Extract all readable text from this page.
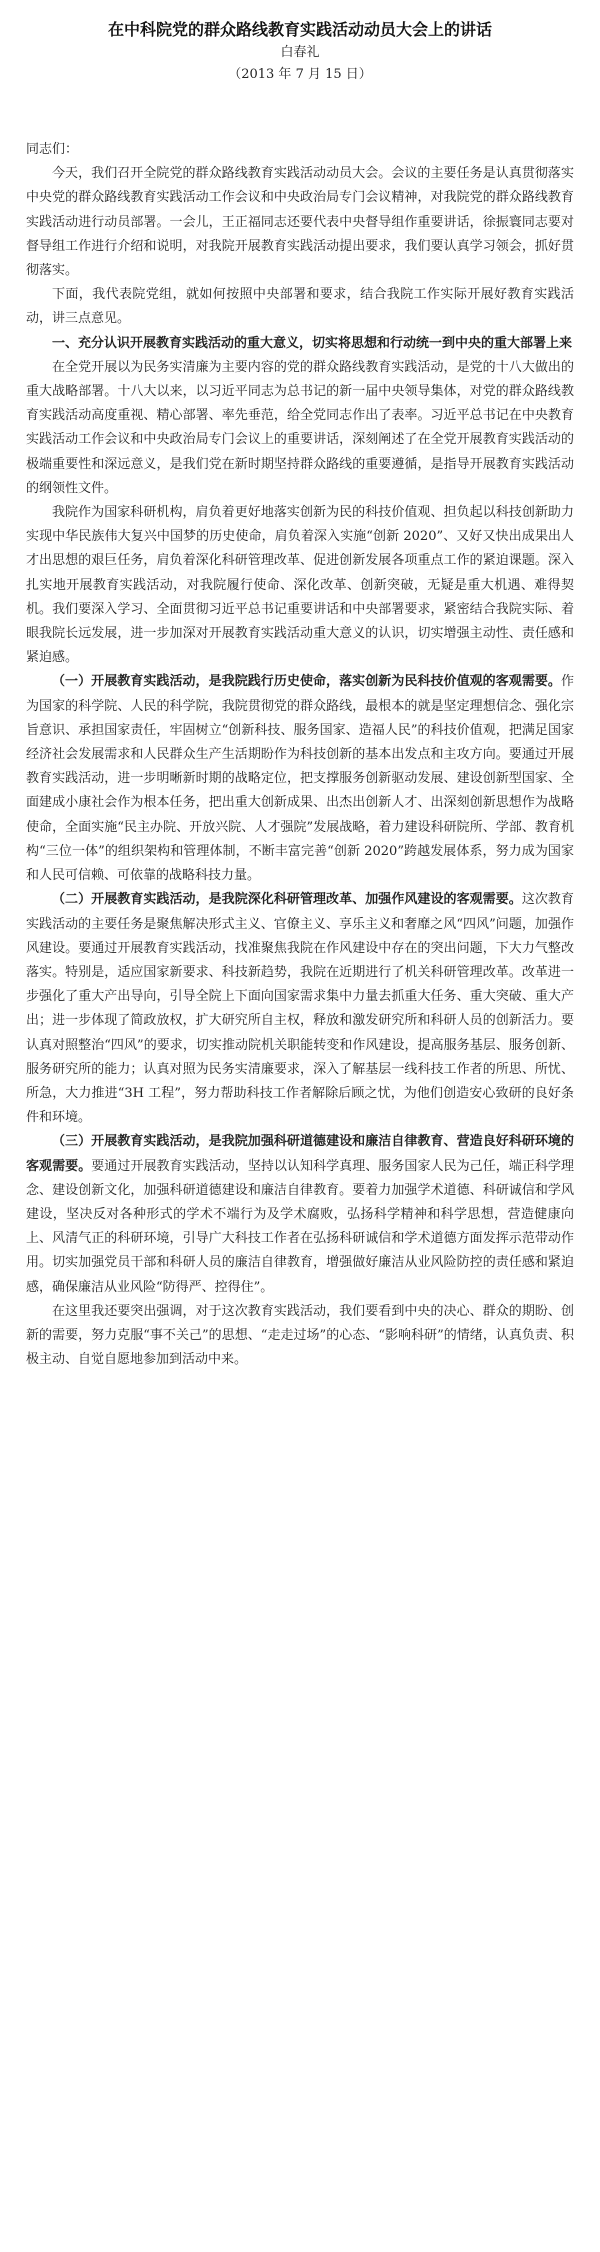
在中科院党的群众路线教育实践活动动员大会上的讲话
白春礼
（2013 年 7 月 15 日）

同志们：

今天，我们召开全院党的群众路线教育实践活动动员大会。会议的主要任务是认真贯彻落实中央党的群众路线教育实践活动工作会议和中央政治局专门会议精神，对我院党的群众路线教育实践活动进行动员部署。一会儿，王正福同志还要代表中央督导组作重要讲话，徐振寰同志要对督导组工作进行介绍和说明，对我院开展教育实践活动提出要求，我们要认真学习领会，抓好贯彻落实。

下面，我代表院党组，就如何按照中央部署和要求，结合我院工作实际开展好教育实践活动，讲三点意见。

一、充分认识开展教育实践活动的重大意义，切实将思想和行动统一到中央的重大部署上来

在全党开展以为民务实清廉为主要内容的党的群众路线教育实践活动，是党的十八大做出的重大战略部署。十八大以来，以习近平同志为总书记的新一届中央领导集体，对党的群众路线教育实践活动高度重视、精心部署、率先垂范，给全党同志作出了表率。习近平总书记在中央教育实践活动工作会议和中央政治局专门会议上的重要讲话，深刻阐述了在全党开展教育实践活动的极端重要性和深远意义，是我们党在新时期坚持群众路线的重要遵循，是指导开展教育实践活动的纲领性文件。

我院作为国家科研机构，肩负着更好地落实创新为民的科技价值观、担负起以科技创新助力实现中华民族伟大复兴中国梦的历史使命，肩负着深入实施“创新 2020”、又好又快出成果出人才出思想的艰巨任务，肩负着深化科研管理改革、促进创新发展各项重点工作的紧迫课题。深入扎实地开展教育实践活动，对我院履行使命、深化改革、创新突破，无疑是重大机遇、难得契机。我们要深入学习、全面贯彻习近平总书记重要讲话和中央部署要求，紧密结合我院实际、着眼我院长远发展，进一步加深对开展教育实践活动重大意义的认识，切实增强主动性、责任感和紧迫感。

（一）开展教育实践活动，是我院践行历史使命，落实创新为民科技价值观的客观需要。作为国家的科学院、人民的科学院，我院贯彻党的群众路线，最根本的就是坚定理想信念、强化宗旨意识、承担国家责任，牢固树立“创新科技、服务国家、造福人民”的科技价值观，把满足国家经济社会发展需求和人民群众生产生活期盼作为科技创新的基本出发点和主攻方向。要通过开展教育实践活动，进一步明晰新时期的战略定位，把支撑服务创新驱动发展、建设创新型国家、全面建成小康社会作为根本任务，把出重大创新成果、出杰出创新人才、出深刻创新思想作为战略使命，全面实施“民主办院、开放兴院、人才强院”发展战略，着力建设科研院所、学部、教育机构“三位一体”的组织架构和管理体制，不断丰富完善“创新 2020”跨越发展体系，努力成为国家和人民可信赖、可依靠的战略科技力量。

（二）开展教育实践活动，是我院深化科研管理改革、加强作风建设的客观需要。这次教育实践活动的主要任务是聚焦解决形式主义、官僚主义、享乐主义和奢靡之风“四风”问题，加强作风建设。要通过开展教育实践活动，找准聚焦我院在作风建设中存在的突出问题，下大力气整改落实。特别是，适应国家新要求、科技新趋势，我院在近期进行了机关科研管理改革。改革进一步强化了重大产出导向，引导全院上下面向国家需求集中力量去抓重大任务、重大突破、重大产出；进一步体现了简政放权，扩大研究所自主权，释放和激发研究所和科研人员的创新活力。要认真对照整治“四风”的要求，切实推动院机关职能转变和作风建设，提高服务基层、服务创新、服务研究所的能力；认真对照为民务实清廉要求，深入了解基层一线科技工作者的所思、所忧、所急，大力推进“3H 工程”，努力帮助科技工作者解除后顾之忧，为他们创造安心致研的良好条件和环境。

（三）开展教育实践活动，是我院加强科研道德建设和廉洁自律教育、营造良好科研环境的客观需要。要通过开展教育实践活动，坚持以认知科学真理、服务国家人民为己任，端正科学理念、建设创新文化，加强科研道德建设和廉洁自律教育。要着力加强学术道德、科研诚信和学风建设，坚决反对各种形式的学术不端行为及学术腐败，弘扬科学精神和科学思想，营造健康向上、风清气正的科研环境，引导广大科技工作者在弘扬科研诚信和学术道德方面发挥示范带动作用。切实加强党员干部和科研人员的廉洁自律教育，增强做好廉洁从业风险防控的责任感和紧迫感，确保廉洁从业风险“防得严、控得住”。

在这里我还要突出强调，对于这次教育实践活动，我们要看到中央的决心、群众的期盼、创新的需要，努力克服“事不关己”的思想、“走走过场”的心态、“影响科研”的情绪，认真负责、积极主动、自觉自愿地参加到活动中来。
